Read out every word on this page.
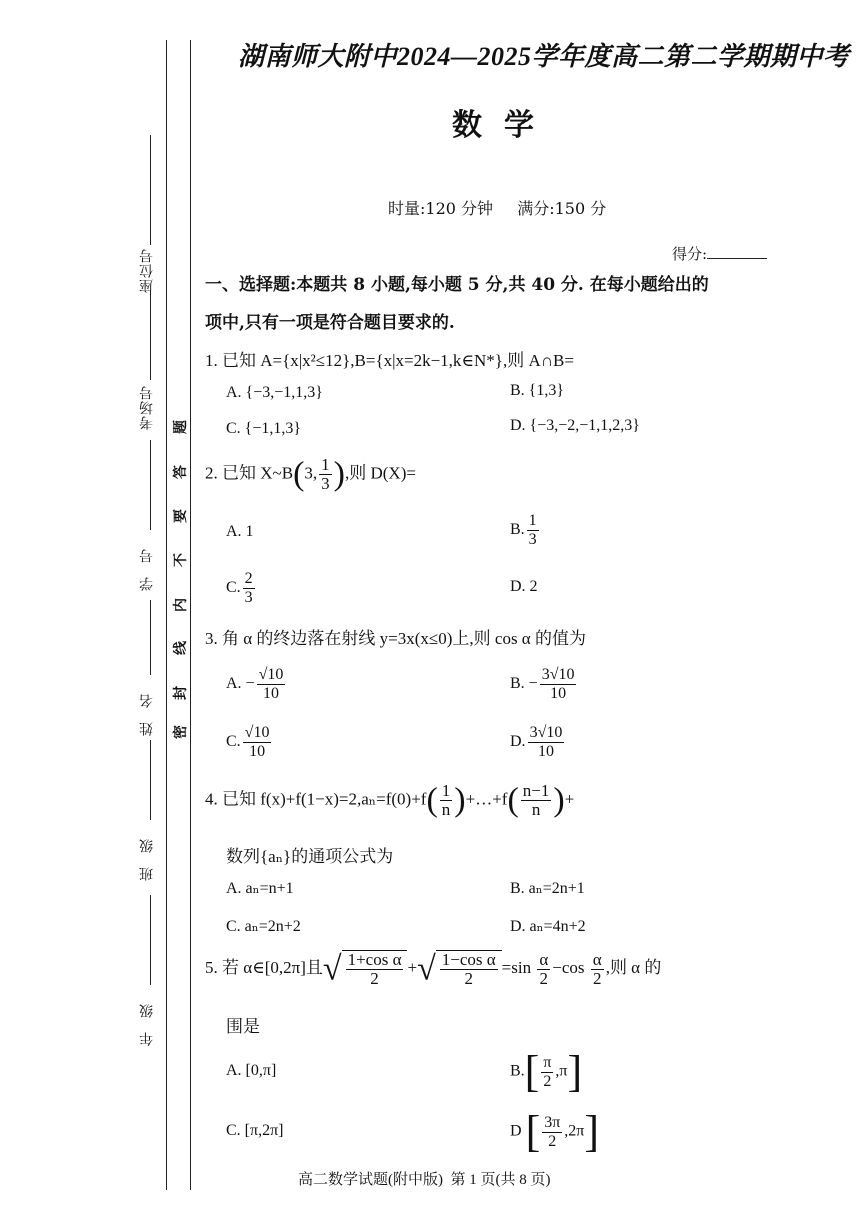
座位号
考场号
学号
姓名
班级
年级
密
封
线
内
不
要
答
题
湖南师大附中2024—2025学年度高二第二学期期中考
数学
时量:120 分钟 满分:150 分
得分:
一、选择题:本题共 8 小题,每小题 5 分,共 40 分. 在每小题给出的
项中,只有一项是符合题目要求的.
1. 已知 A={x|x²≤12},B={x|x=2k−1,k∈N*},则 A∩B=
A. {−3,−1,1,3}	B. {1,3}
C. {−1,1,3}	D. {−3,−2,−1,1,2,3}
2. 已知 X~B(3, $\frac{1}{3}$ ),则 D(X)=
A. 1	B. $\frac{1}{3}$
C. $\frac{2}{3}$	D. 2
3. 角 α 的终边落在射线 y=3x(x≤0)上,则 cos α 的值为
A. − $\frac{√10}{10}$	B. − $\frac{3√10}{10}$
C. $\frac{√10}{10}$	D. $\frac{3√10}{10}$
4. 已知 $f(x)+f(1-x)=2,a_n=f(0)+f( \frac{1}{n}$ )+…+f( $\frac{n-1}{n}$ )+
数列{aₙ}的通项公式为
A. aₙ=n+1	B. aₙ=2n+1
C. aₙ=2n+2	D. aₙ=4n+2
5. 若 α∈[0,2π]且√ $\frac{\text{1+cos α}}{2}$ +√ $\frac{\text{1−cos α}}{2} =\sin \frac{\alpha}{2} -\cos \frac{\alpha}{2}$ ,则 α 的
围是
A. [0,π]	$B.[ \frac{\pi}{2} ,\pi]$
C. [π,2π]	D [ $\frac{3\pi}{2} ,2\pi$]
高二数学试题(附中版)  第 1 页(共 8 页)
